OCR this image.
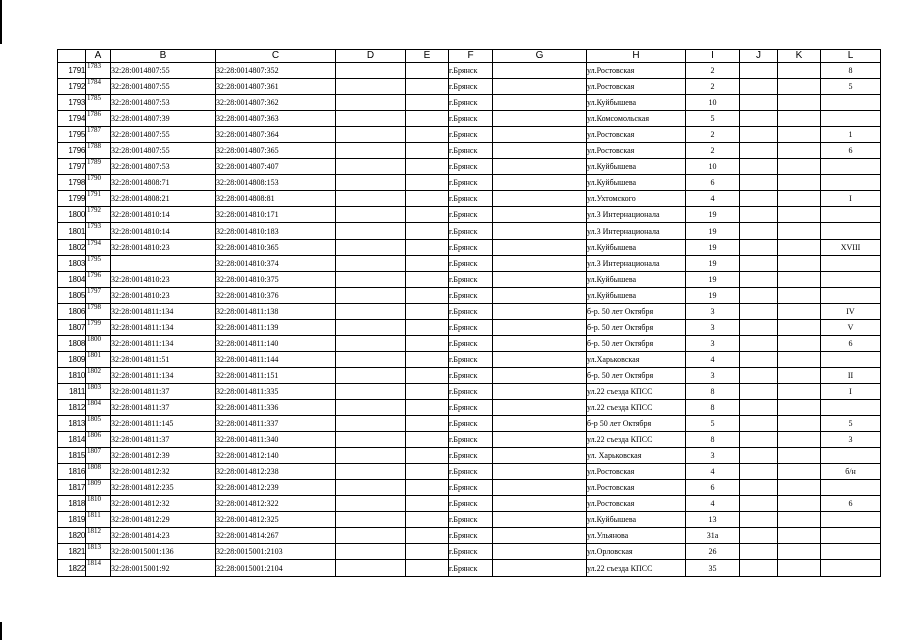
	A	B	C	D	E	F	G	H	I	J	K	L
1791	1783	32:28:0014807:55	32:28:0014807:352			г.Брянск		ул.Ростовская	2			8
1792	1784	32:28:0014807:55	32:28:0014807:361			г.Брянск		ул.Ростовская	2			5
1793	1785	32:28:0014807:53	32:28:0014807:362			г.Брянск		ул.Куйбышева	10			
1794	1786	32:28:0014807:39	32:28:0014807:363			г.Брянск		ул.Комсомольская	5			
1795	1787	32:28:0014807:55	32:28:0014807:364			г.Брянск		ул.Ростовская	2			1
1796	1788	32:28:0014807:55	32:28:0014807:365			г.Брянск		ул.Ростовская	2			6
1797	1789	32:28:0014807:53	32:28:0014807:407			г.Брянск		ул.Куйбышева	10			
1798	1790	32:28:0014808:71	32:28:0014808:153			г.Брянск		ул.Куйбышева	6			
1799	1791	32:28:0014808:21	32:28:0014808:81			г.Брянск		ул.Ухтомского	4			I
1800	1792	32:28:0014810:14	32:28:0014810:171			г.Брянск		ул.3 Интернационала	19			
1801	1793	32:28:0014810:14	32:28:0014810:183			г.Брянск		ул.3 Интернационала	19			
1802	1794	32:28:0014810:23	32:28:0014810:365			г.Брянск		ул.Куйбышева	19			XVIII
1803	1795		32:28:0014810:374			г.Брянск		ул.3 Интернационала	19			
1804	1796	32:28:0014810:23	32:28:0014810:375			г.Брянск		ул.Куйбышева	19			
1805	1797	32:28:0014810:23	32:28:0014810:376			г.Брянск		ул.Куйбышева	19			
1806	1798	32:28:0014811:134	32:28:0014811:138			г.Брянск		б-р. 50 лет Октября	3			IV
1807	1799	32:28:0014811:134	32:28:0014811:139			г.Брянск		б-р. 50 лет Октября	3			V
1808	1800	32:28:0014811:134	32:28:0014811:140			г.Брянск		б-р. 50 лет Октября	3			6
1809	1801	32:28:0014811:51	32:28:0014811:144			г.Брянск		ул.Харьковская	4			
1810	1802	32:28:0014811:134	32:28:0014811:151			г.Брянск		б-р. 50 лет Октября	3			II
1811	1803	32:28:0014811:37	32:28:0014811:335			г.Брянск		ул.22 съезда КПСС	8			I
1812	1804	32:28:0014811:37	32:28:0014811:336			г.Брянск		ул.22 съезда КПСС	8			
1813	1805	32:28:0014811:145	32:28:0014811:337			г.Брянск		б-р 50 лет Октября	5			5
1814	1806	32:28:0014811:37	32:28:0014811:340			г.Брянск		ул.22 съезда КПСС	8			3
1815	1807	32:28:0014812:39	32:28:0014812:140			г.Брянск		ул. Харьковская	3			
1816	1808	32:28:0014812:32	32:28:0014812:238			г.Брянск		ул.Ростовская	4			б/н
1817	1809	32:28:0014812:235	32:28:0014812:239			г.Брянск		ул.Ростовская	6			
1818	1810	32:28:0014812:32	32:28:0014812:322			г.Брянск		ул.Ростовская	4			6
1819	1811	32:28:0014812:29	32:28:0014812:325			г.Брянск		ул.Куйбышева	13			
1820	1812	32:28:0014814:23	32:28:0014814:267			г.Брянск		ул.Ульянова	31a			
1821	1813	32:28:0015001:136	32:28:0015001:2103			г.Брянск		ул.Орловская	26			
1822	1814	32:28:0015001:92	32:28:0015001:2104			г.Брянск		ул.22 съезда КПСС	35			
